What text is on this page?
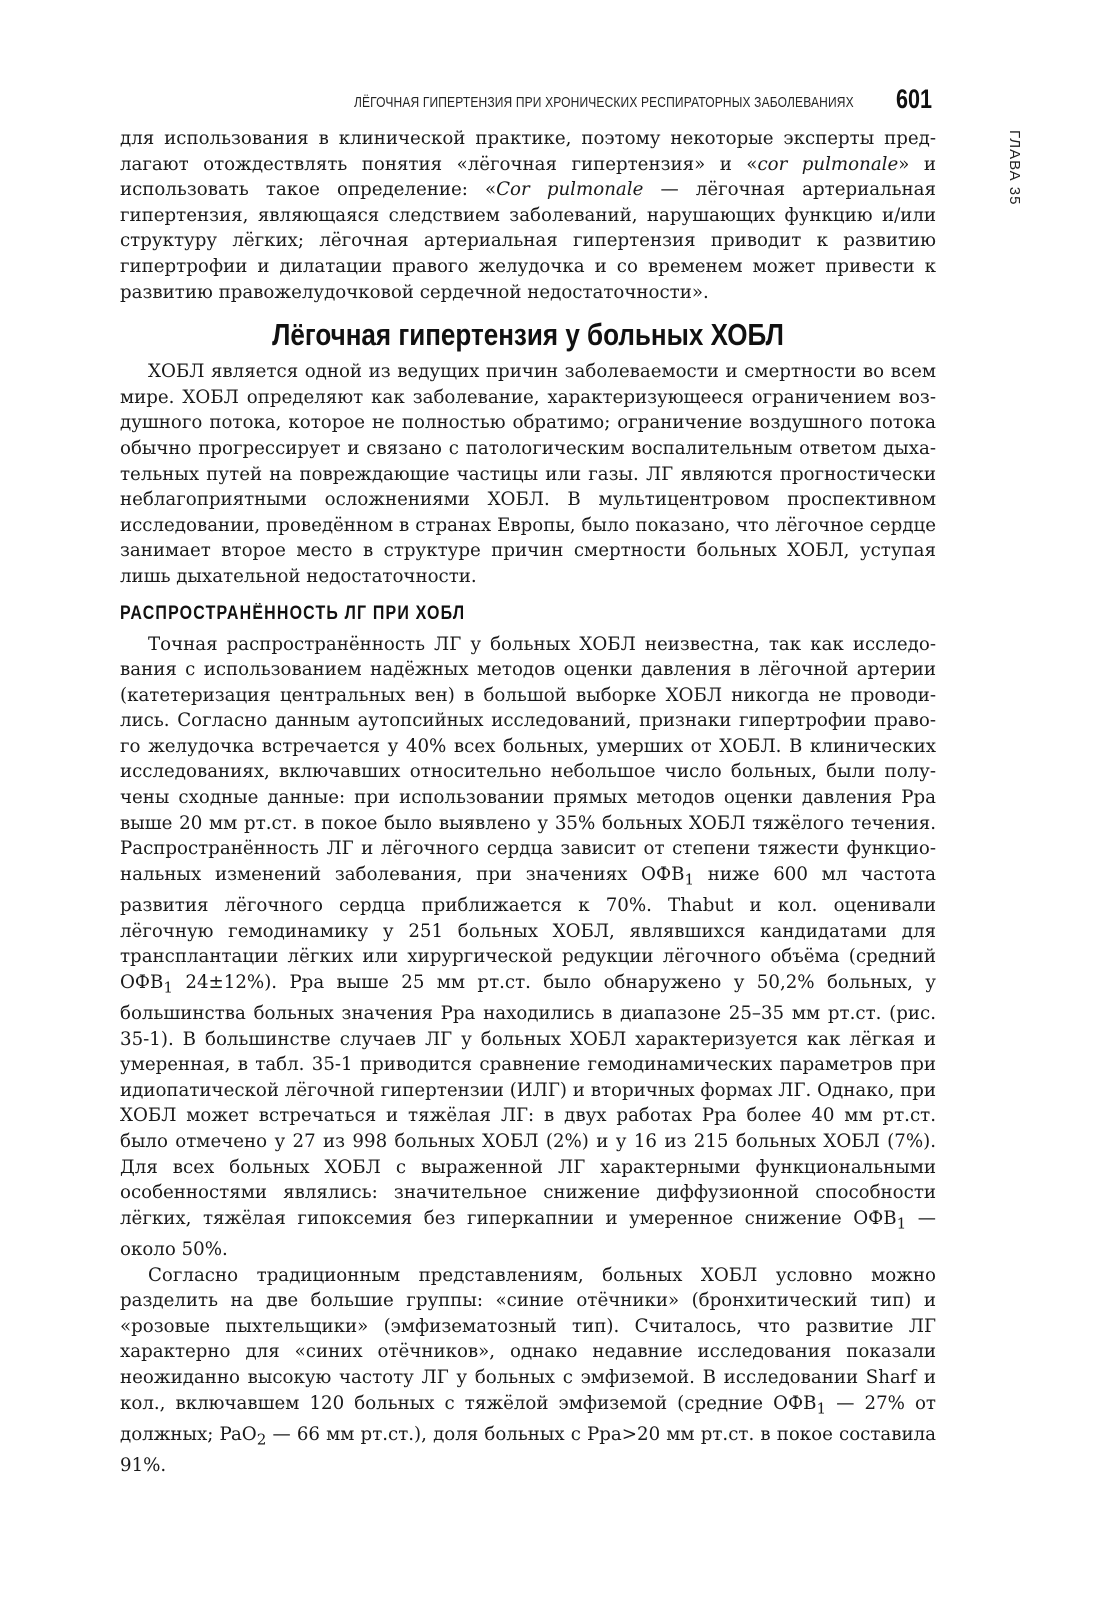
ЛЁГОЧНАЯ ГИПЕРТЕНЗИЯ ПРИ ХРОНИЧЕСКИХ РЕСПИРАТОРНЫХ ЗАБОЛЕВАНИЯХ 601
ГЛАВА 35

для использования в клинической практике, поэтому некоторые эксперты предлагают отождествлять понятия «лёгочная гипертензия» и «cor pulmonale» и использовать такое определение: «Cor pulmonale — лёгочная артериальная гипертензия, являющаяся следствием заболеваний, нарушающих функцию и/или структуру лёгких; лёгочная артериальная гипертензия приводит к развитию гипертрофии и дилатации правого желудочка и со временем может привести к развитию правожелудочковой сердечной недостаточности».

Лёгочная гипертензия у больных ХОБЛ

ХОБЛ является одной из ведущих причин заболеваемости и смертности во всем мире. ХОБЛ определяют как заболевание, характеризующееся ограничением воздушного потока, которое не полностью обратимо; ограничение воздушного потока обычно прогрессирует и связано с патологическим воспалительным ответом дыхательных путей на повреждающие частицы или газы. ЛГ являются прогностически неблагоприятными осложнениями ХОБЛ. В мультицентровом проспективном исследовании, проведённом в странах Европы, было показано, что лёгочное сердце занимает второе место в структуре причин смертности больных ХОБЛ, уступая лишь дыхательной недостаточности.

РАСПРОСТРАНЁННОСТЬ ЛГ ПРИ ХОБЛ

Точная распространённость ЛГ у больных ХОБЛ неизвестна, так как исследования с использованием надёжных методов оценки давления в лёгочной артерии (катетеризация центральных вен) в большой выборке ХОБЛ никогда не проводились. Согласно данным аутопсийных исследований, признаки гипертрофии правого желудочка встречается у 40% всех больных, умерших от ХОБЛ. В клинических исследованиях, включавших относительно небольшое число больных, были получены сходные данные: при использовании прямых методов оценки давления Ppa выше 20 мм рт.ст. в покое было выявлено у 35% больных ХОБЛ тяжёлого течения. Распространённость ЛГ и лёгочного сердца зависит от степени тяжести функциональных изменений заболевания, при значениях $ОФВ_1$ ниже 600 мл частота развития лёгочного сердца приближается к 70%. Thabut и кол. оценивали лёгочную гемодинамику у 251 больных ХОБЛ, являвшихся кандидатами для трансплантации лёгких или хирургической редукции лёгочного объёма (средний $ОФВ_1$ 24±12%). Ppa выше 25 мм рт.ст. было обнаружено у 50,2% больных, у большинства больных значения Ppa находились в диапазоне 25–35 мм рт.ст. (рис. 35-1). В большинстве случаев ЛГ у больных ХОБЛ характеризуется как лёгкая и умеренная, в табл. 35-1 приводится сравнение гемодинамических параметров при идиопатической лёгочной гипертензии (ИЛГ) и вторичных формах ЛГ. Однако, при ХОБЛ может встречаться и тяжёлая ЛГ: в двух работах Ppa более 40 мм рт.ст. было отмечено у 27 из 998 больных ХОБЛ (2%) и у 16 из 215 больных ХОБЛ (7%). Для всех больных ХОБЛ с выраженной ЛГ характерными функциональными особенностями являлись: значительное снижение диффузионной способности лёгких, тяжёлая гипоксемия без гиперкапнии и умеренное снижение $ОФВ_1$ — около 50%.

Согласно традиционным представлениям, больных ХОБЛ условно можно разделить на две большие группы: «синие отёчники» (бронхитический тип) и «розовые пыхтельщики» (эмфизематозный тип). Считалось, что развитие ЛГ характерно для «синих отёчников», однако недавние исследования показали неожиданно высокую частоту ЛГ у больных с эмфиземой. В исследовании Sharf и кол., включавшем 120 больных с тяжёлой эмфиземой (средние $ОФВ_1$ — 27% от должных; PaO$_2$ — 66 мм рт.ст.), доля больных с Ppa>20 мм рт.ст. в покое составила 91%.
